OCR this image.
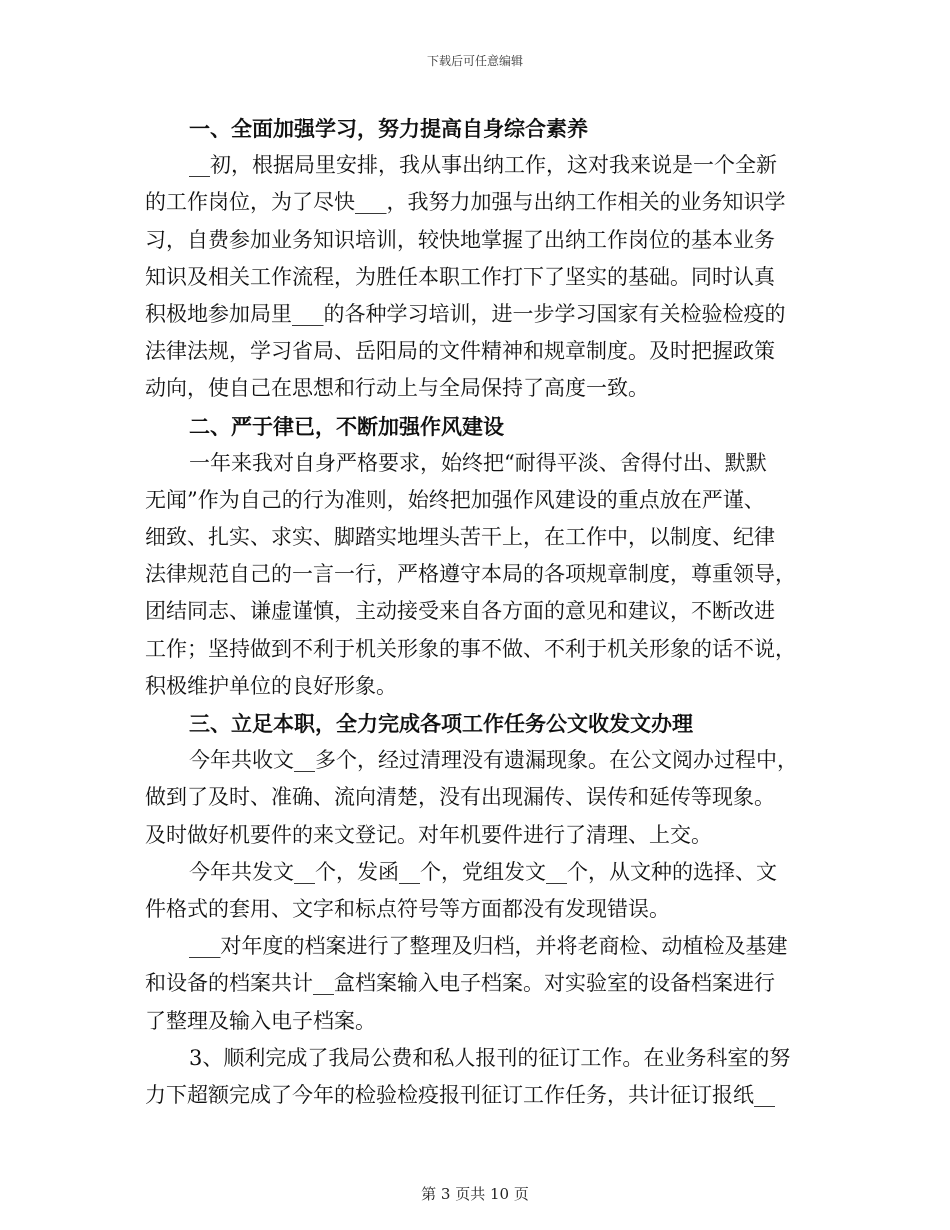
下载后可任意编辑
一、全面加强学习，努力提高自身综合素养
__初，根据局里安排，我从事出纳工作，这对我来说是一个全新
的工作岗位，为了尽快___，我努力加强与出纳工作相关的业务知识学
习，自费参加业务知识培训，较快地掌握了出纳工作岗位的基本业务
知识及相关工作流程，为胜任本职工作打下了坚实的基础。同时认真
积极地参加局里___的各种学习培训，进一步学习国家有关检验检疫的
法律法规，学习省局、岳阳局的文件精神和规章制度。及时把握政策
动向，使自己在思想和行动上与全局保持了高度一致。
二、严于律已，不断加强作风建设
一年来我对自身严格要求，始终把“耐得平淡、舍得付出、默默
无闻”作为自己的行为准则，始终把加强作风建设的重点放在严谨、
细致、扎实、求实、脚踏实地埋头苦干上，在工作中，以制度、纪律
法律规范自己的一言一行，严格遵守本局的各项规章制度，尊重领导，
团结同志、谦虚谨慎，主动接受来自各方面的意见和建议，不断改进
工作；坚持做到不利于机关形象的事不做、不利于机关形象的话不说，
积极维护单位的良好形象。
三、立足本职，全力完成各项工作任务公文收发文办理
今年共收文__多个，经过清理没有遗漏现象。在公文阅办过程中，
做到了及时、准确、流向清楚，没有出现漏传、误传和延传等现象。
及时做好机要件的来文登记。对年机要件进行了清理、上交。
今年共发文__个，发函__个，党组发文__个，从文种的选择、文
件格式的套用、文字和标点符号等方面都没有发现错误。
___对年度的档案进行了整理及归档，并将老商检、动植检及基建
和设备的档案共计__盒档案输入电子档案。对实验室的设备档案进行
了整理及输入电子档案。
3、顺利完成了我局公费和私人报刊的征订工作。在业务科室的努
力下超额完成了今年的检验检疫报刊征订工作任务，共计征订报纸__
第 3 页共 10 页
